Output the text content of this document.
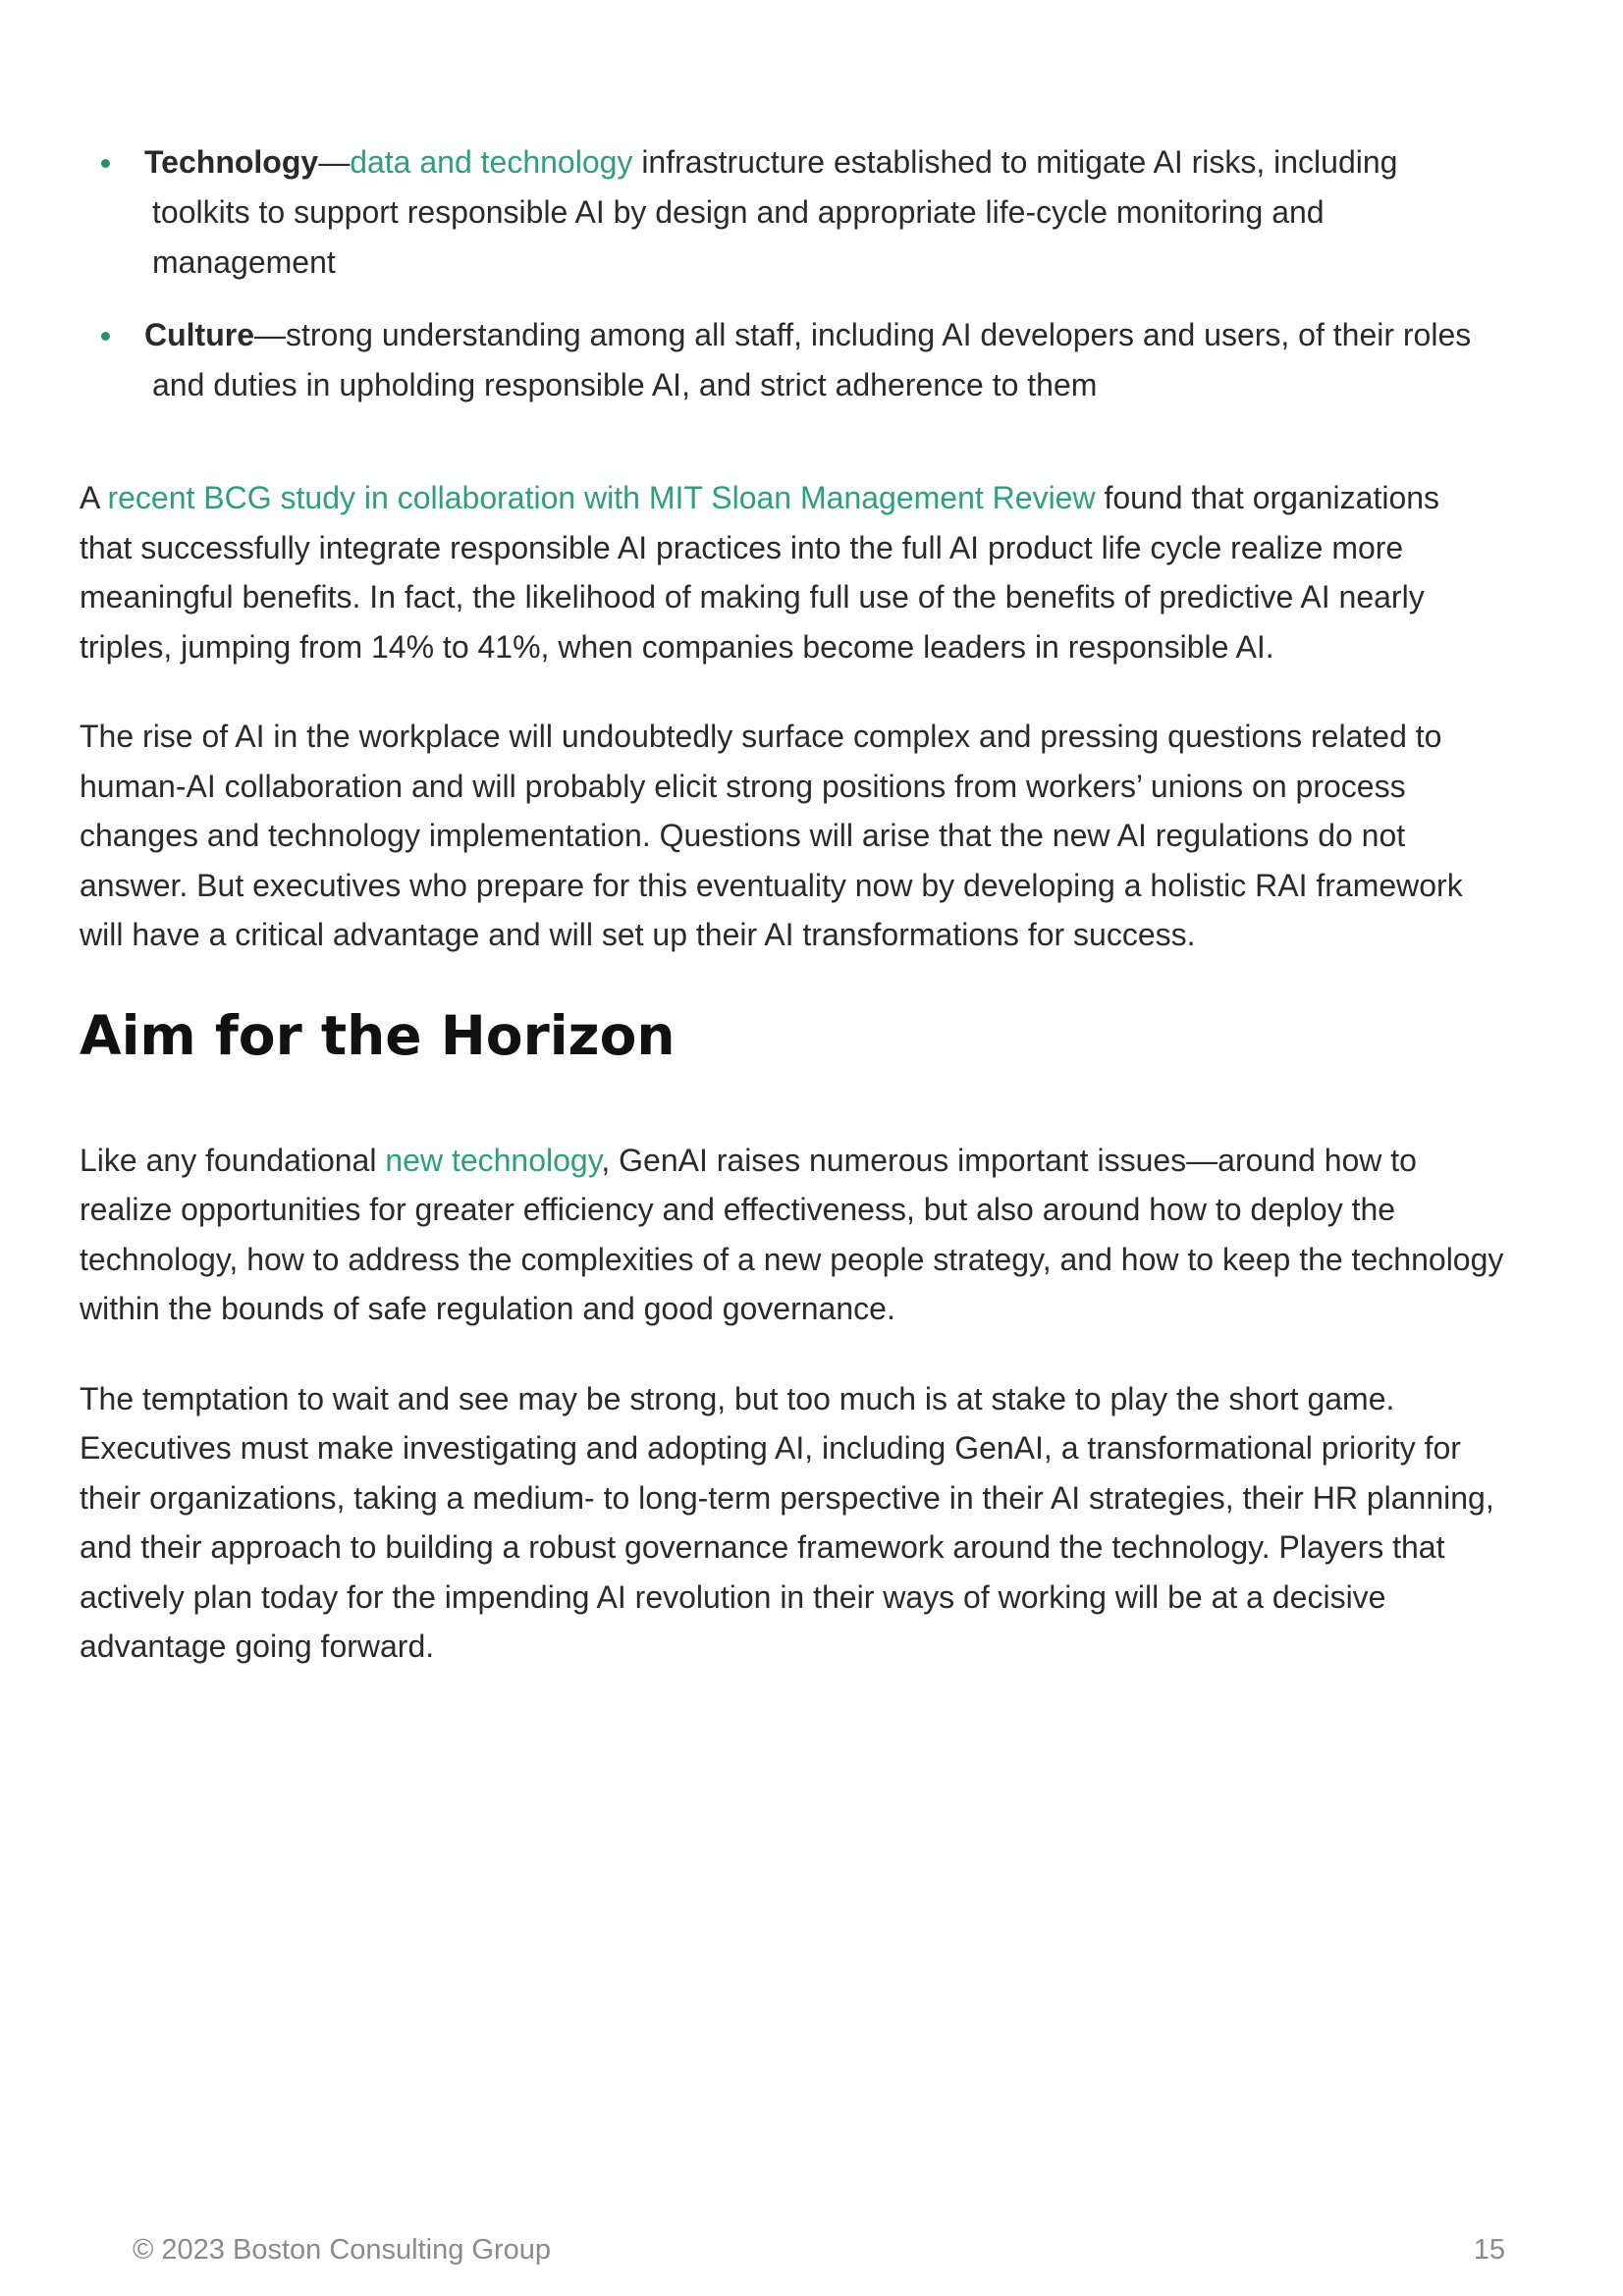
Technology—data and technology infrastructure established to mitigate AI risks, including
toolkits to support responsible AI by design and appropriate life-cycle monitoring and
management
Culture—strong understanding among all staff, including AI developers and users, of their roles
and duties in upholding responsible AI, and strict adherence to them

A recent BCG study in collaboration with MIT Sloan Management Review found that organizations
that successfully integrate responsible AI practices into the full AI product life cycle realize more
meaningful benefits. In fact, the likelihood of making full use of the benefits of predictive AI nearly
triples, jumping from 14% to 41%, when companies become leaders in responsible AI.

The rise of AI in the workplace will undoubtedly surface complex and pressing questions related to
human-AI collaboration and will probably elicit strong positions from workers’ unions on process
changes and technology implementation. Questions will arise that the new AI regulations do not
answer. But executives who prepare for this eventuality now by developing a holistic RAI framework
will have a critical advantage and will set up their AI transformations for success.

Aim for the Horizon

Like any foundational new technology, GenAI raises numerous important issues—around how to
realize opportunities for greater efficiency and effectiveness, but also around how to deploy the
technology, how to address the complexities of a new people strategy, and how to keep the technology
within the bounds of safe regulation and good governance.

The temptation to wait and see may be strong, but too much is at stake to play the short game.
Executives must make investigating and adopting AI, including GenAI, a transformational priority for
their organizations, taking a medium- to long-term perspective in their AI strategies, their HR planning,
and their approach to building a robust governance framework around the technology. Players that
actively plan today for the impending AI revolution in their ways of working will be at a decisive
advantage going forward.

© 2023 Boston Consulting Group	15
